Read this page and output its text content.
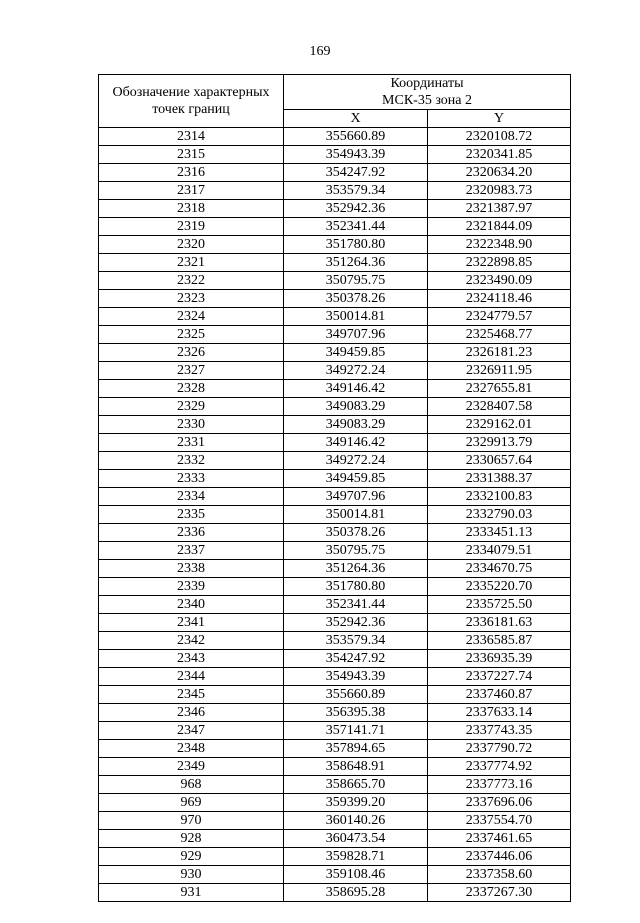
169
Обозначение характерных точек границ	Координаты
МСК-35 зона 2	
	X	Y
2314	355660.89	2320108.72
2315	354943.39	2320341.85
2316	354247.92	2320634.20
2317	353579.34	2320983.73
2318	352942.36	2321387.97
2319	352341.44	2321844.09
2320	351780.80	2322348.90
2321	351264.36	2322898.85
2322	350795.75	2323490.09
2323	350378.26	2324118.46
2324	350014.81	2324779.57
2325	349707.96	2325468.77
2326	349459.85	2326181.23
2327	349272.24	2326911.95
2328	349146.42	2327655.81
2329	349083.29	2328407.58
2330	349083.29	2329162.01
2331	349146.42	2329913.79
2332	349272.24	2330657.64
2333	349459.85	2331388.37
2334	349707.96	2332100.83
2335	350014.81	2332790.03
2336	350378.26	2333451.13
2337	350795.75	2334079.51
2338	351264.36	2334670.75
2339	351780.80	2335220.70
2340	352341.44	2335725.50
2341	352942.36	2336181.63
2342	353579.34	2336585.87
2343	354247.92	2336935.39
2344	354943.39	2337227.74
2345	355660.89	2337460.87
2346	356395.38	2337633.14
2347	357141.71	2337743.35
2348	357894.65	2337790.72
2349	358648.91	2337774.92
968	358665.70	2337773.16
969	359399.20	2337696.06
970	360140.26	2337554.70
928	360473.54	2337461.65
929	359828.71	2337446.06
930	359108.46	2337358.60
931	358695.28	2337267.30
